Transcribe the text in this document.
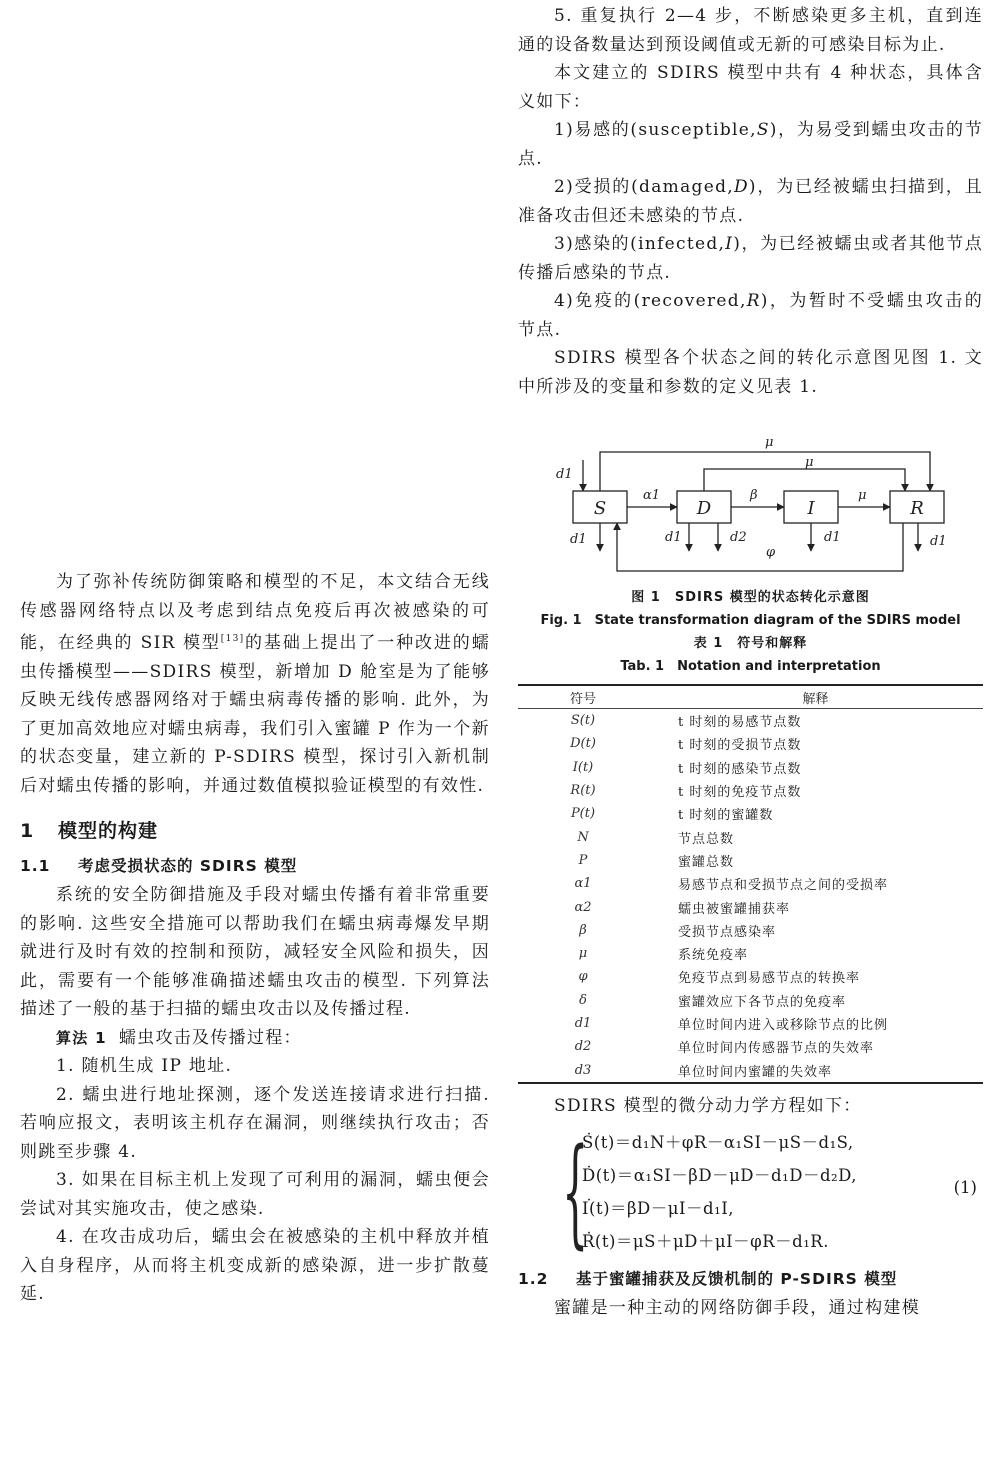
为了弥补传统防御策略和模型的不足，本文结合无线传感器网络特点以及考虑到结点免疫后再次被感染的可能，在经典的 SIR 模型[13]的基础上提出了一种改进的蠕虫传播模型——SDIRS 模型，新增加 D 舱室是为了能够反映无线传感器网络对于蠕虫病毒传播的影响. 此外，为了更加高效地应对蠕虫病毒，我们引入蜜罐 P 作为一个新的状态变量，建立新的 P-SDIRS 模型，探讨引入新机制后对蠕虫传播的影响，并通过数值模拟验证模型的有效性.

1 模型的构建
1.1 考虑受损状态的 SDIRS 模型

系统的安全防御措施及手段对蠕虫传播有着非常重要的影响. 这些安全措施可以帮助我们在蠕虫病毒爆发早期就进行及时有效的控制和预防，减轻安全风险和损失，因此，需要有一个能够准确描述蠕虫攻击的模型. 下列算法描述了一般的基于扫描的蠕虫攻击以及传播过程.

算法 1 蠕虫攻击及传播过程：

1. 随机生成 IP 地址.

2. 蠕虫进行地址探测，逐个发送连接请求进行扫描. 若响应报文，表明该主机存在漏洞，则继续执行攻击；否则跳至步骤 4.

3. 如果在目标主机上发现了可利用的漏洞，蠕虫便会尝试对其实施攻击，使之感染.

4. 在攻击成功后，蠕虫会在被感染的主机中释放并植入自身程序，从而将主机变成新的感染源，进一步扩散蔓延.

5. 重复执行 2—4 步，不断感染更多主机，直到连通的设备数量达到预设阈值或无新的可感染目标为止.

本文建立的 SDIRS 模型中共有 4 种状态，具体含义如下：

1)易感的(susceptible,S)，为易受到蠕虫攻击的节点.

2)受损的(damaged,D)，为已经被蠕虫扫描到，且准备攻击但还未感染的节点.

3)感染的(infected,I)，为已经被蠕虫或者其他节点传播后感染的节点.

4)免疫的(recovered,R)，为暂时不受蠕虫攻击的节点.

SDIRS 模型各个状态之间的转化示意图见图 1. 文中所涉及的变量和参数的定义见表 1.

S	D	I	R
μ
μ
α1	β	μ
φ
d1
d1	d1	d2	d1	d1

图 1　SDIRS 模型的状态转化示意图

Fig. 1　State transformation diagram of the SDIRS model

表 1　符号和解释

Tab. 1　Notation and interpretation

符号	解释
S(t)	t 时刻的易感节点数
D(t)	t 时刻的受损节点数
I(t)	t 时刻的感染节点数
R(t)	t 时刻的免疫节点数
P(t)	t 时刻的蜜罐数
N	节点总数
P	蜜罐总数
α1	易感节点和受损节点之间的受损率
α2	蠕虫被蜜罐捕获率
β	受损节点感染率
μ	系统免疫率
φ	免疫节点到易感节点的转换率
δ	蜜罐效应下各节点的免疫率
d1	单位时间内进入或移除节点的比例
d2	单位时间内传感器节点的失效率
d3	单位时间内蜜罐的失效率

SDIRS 模型的微分动力学方程如下：

{
S(t)＝d₁N＋φR－α₁SI－μS－d₁S,
D(t)＝α₁SI－βD－μD－d₁D－d₂D,
I(t)＝βD－μI－d₁I,
R(t)＝μS＋μD＋μI－φR－d₁R.
(1)
1.2 基于蜜罐捕获及反馈机制的 P-SDIRS 模型

蜜罐是一种主动的网络防御手段，通过构建模
